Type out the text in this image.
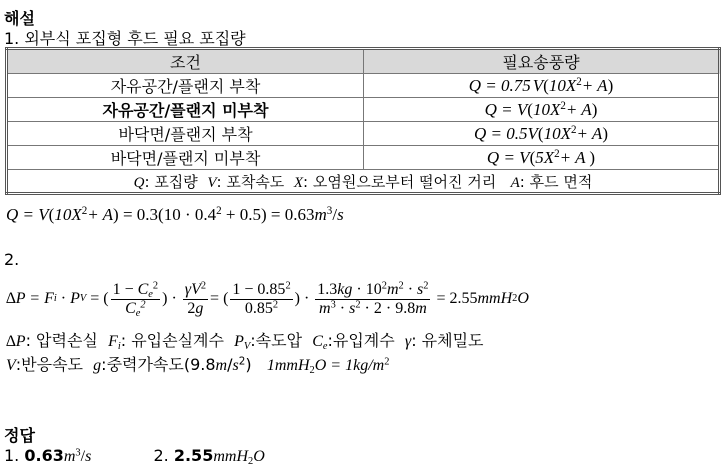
해설
1. 외부식 포집형 후드 필요 포집량
조건	필요송풍량
자유공간/플랜지 부착	Q = 0.75 $V(10X^2+ A)$
자유공간/플랜지 미부착	$Q = V(10X^2+ A)$
바닥면/플랜지 부착	$Q = 0.5V(10X^2+ A)$
바닥면/플랜지 미부착	$Q = V(5X^2+ A$ )
Q: 포집량 V: 포착속도 X: 오염원으로부터 떨어진 거리 A: 후드 면적	
$Q = V(10X^2+ A) = 0.3(10 \cdot 0.4^2 + 0.5) = 0.63m^3/s$
2.
∆ P = F i · P V = ( $\frac{1 - C_e^2}{C_e^2}$ ) · $\frac{\gamma V^2}{2g}$ = ( $\frac{1 - 0.85^2}{0.85^2}$ ) · $\frac{1.3kg \cdot 10^2m^2 \cdot s^2}{m^3 \cdot s^2 \cdot 2 \cdot 9.8m} = 2.55$ mmH 2 O
∆P: 압력손실 $F_i$: 유입손실계수 $P_V$:속도압 $C_e$:유입계수 γ: 유체밀도
V:반응속도 g:중력가속도$(9.8m/s^2) 1mmH_2O = 1kg/m^2$
정답
1. $0.63m^3/s$	2. 2.55mmH$_2$O
